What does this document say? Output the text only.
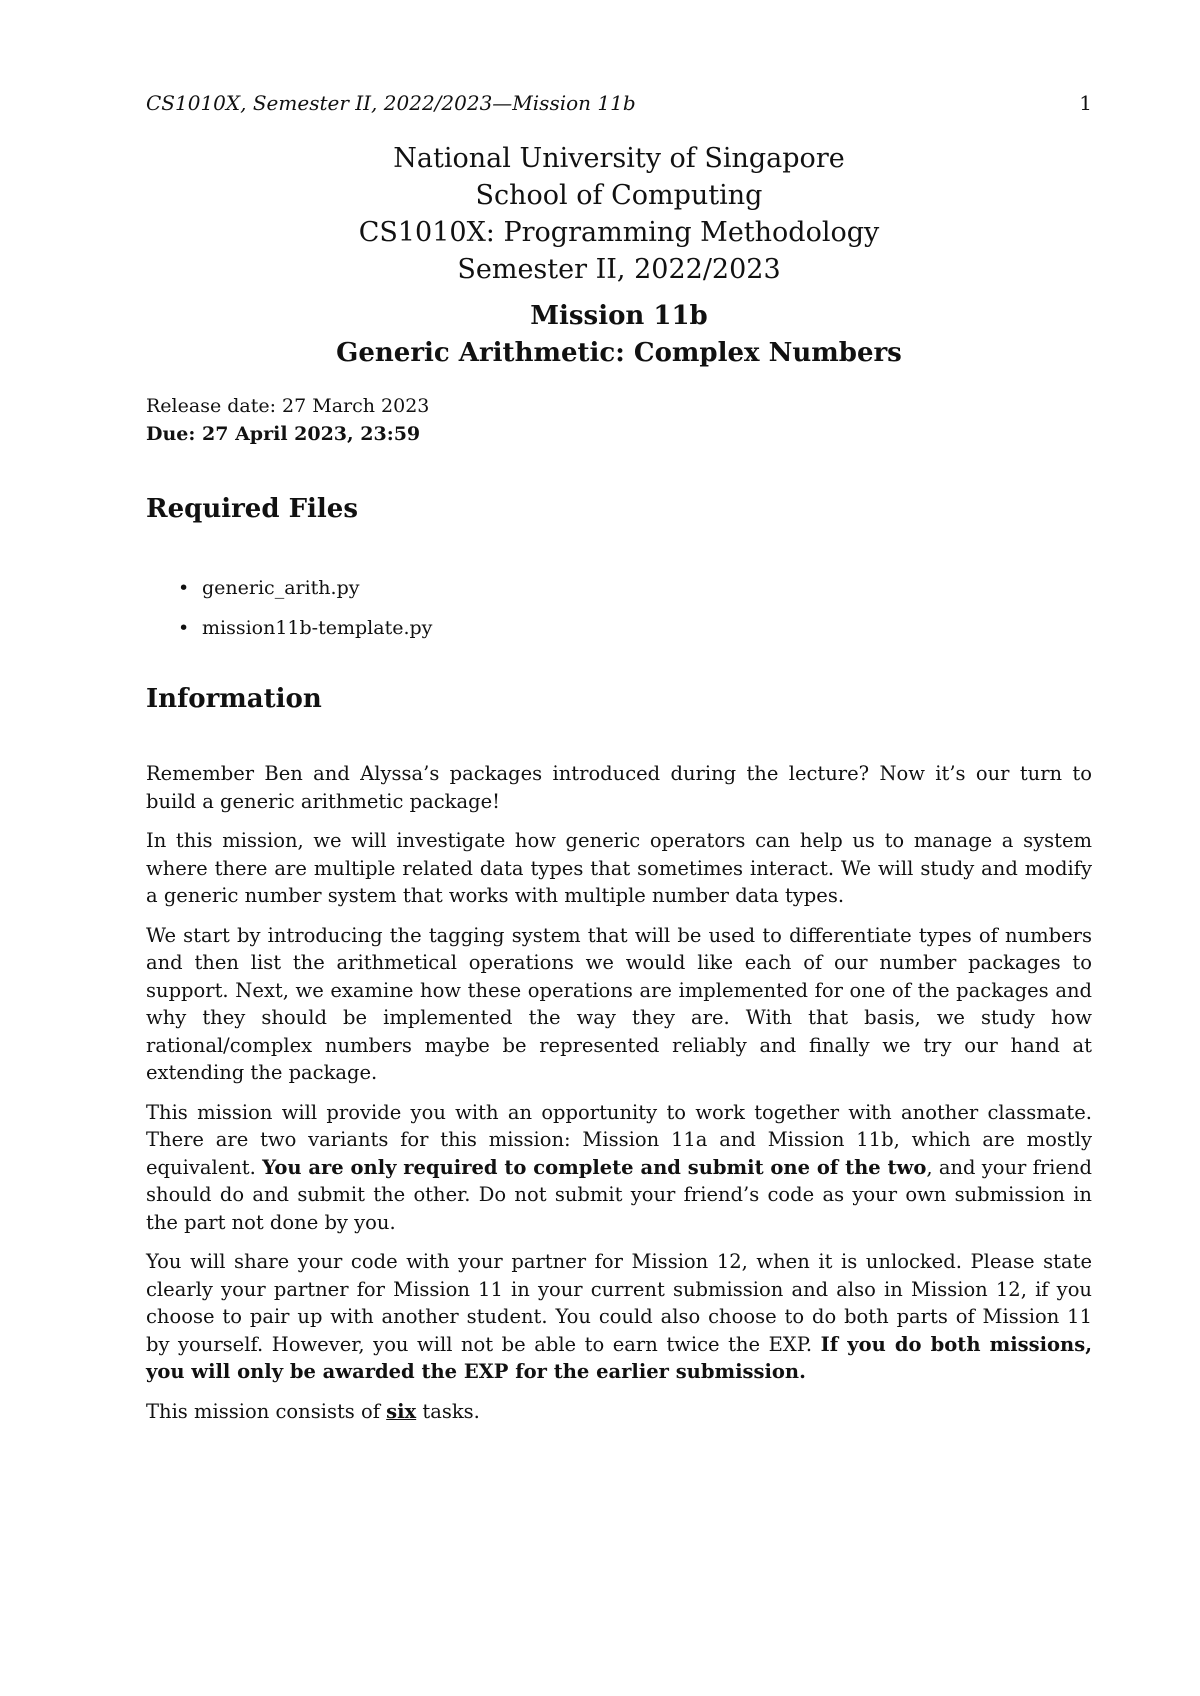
CS1010X, Semester II, 2022/2023—Mission 11b	1
National University of Singapore
School of Computing
CS1010X: Programming Methodology
Semester II, 2022/2023
Mission 11b
Generic Arithmetic: Complex Numbers
Release date: 27 March 2023
Due: 27 April 2023, 23:59
Required Files
• generic_arith.py
• mission11b-template.py
Information

Remember Ben and Alyssa’s packages introduced during the lecture? Now it’s our turn to build a generic arithmetic package!

In this mission, we will investigate how generic operators can help us to manage a system where there are multiple related data types that sometimes interact. We will study and modify a generic number system that works with multiple number data types.

We start by introducing the tagging system that will be used to differentiate types of numbers and then list the arithmetical operations we would like each of our number packages to support. Next, we examine how these operations are implemented for one of the packages and why they should be implemented the way they are. With that basis, we study how rational/complex numbers maybe be represented reliably and finally we try our hand at extending the package.

This mission will provide you with an opportunity to work together with another classmate. There are two variants for this mission: Mission 11a and Mission 11b, which are mostly equivalent. You are only required to complete and submit one of the two, and your friend should do and submit the other. Do not submit your friend’s code as your own submission in the part not done by you.

You will share your code with your partner for Mission 12, when it is unlocked. Please state clearly your partner for Mission 11 in your current submission and also in Mission 12, if you choose to pair up with another student. You could also choose to do both parts of Mission 11 by yourself. However, you will not be able to earn twice the EXP. If you do both missions, you will only be awarded the EXP for the earlier submission.

This mission consists of six tasks.
